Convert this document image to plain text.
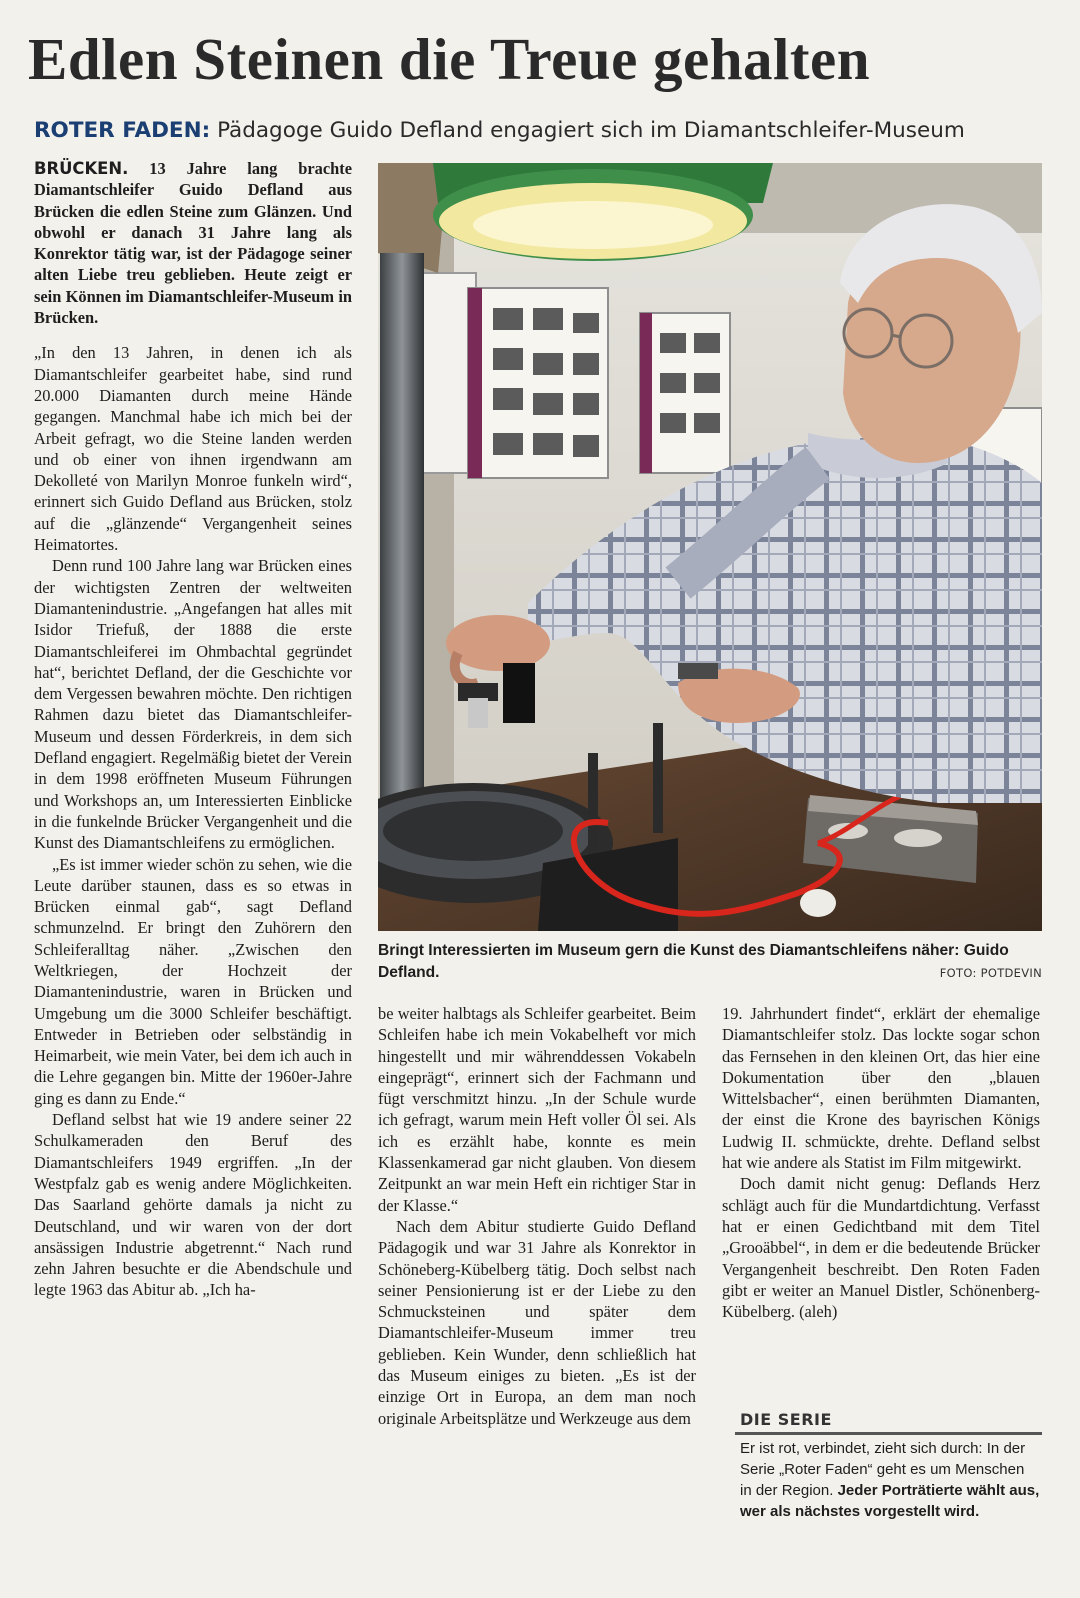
Edlen Steinen die Treue gehalten
ROTER FADEN: Pädagoge Guido Defland engagiert sich im Diamantschleifer-Museum

BRÜCKEN. 13 Jahre lang brachte Diamantschleifer Guido Defland aus Brücken die edlen Steine zum Glänzen. Und obwohl er danach 31 Jahre lang als Konrektor tätig war, ist der Pädagoge seiner alten Liebe treu geblieben. Heute zeigt er sein Können im Diamantschleifer-Museum in Brücken.

„In den 13 Jahren, in denen ich als Diamantschleifer gearbeitet habe, sind rund 20.000 Diamanten durch meine Hände gegangen. Manchmal habe ich mich bei der Arbeit gefragt, wo die Steine landen werden und ob einer von ihnen irgendwann am Dekolleté von Marilyn Monroe funkeln wird“, erinnert sich Guido Defland aus Brücken, stolz auf die „glänzende“ Vergangenheit seines Heimatortes.

Denn rund 100 Jahre lang war Brücken eines der wichtigsten Zentren der weltweiten Diamantenindustrie. „Angefangen hat alles mit Isidor Triefuß, der 1888 die erste Diamantschleiferei im Ohmbachtal gegründet hat“, berichtet Defland, der die Geschichte vor dem Vergessen bewahren möchte. Den richtigen Rahmen dazu bietet das Diamantschleifer-Museum und dessen Förderkreis, in dem sich Defland engagiert. Regelmäßig bietet der Verein in dem 1998 eröffneten Museum Führungen und Workshops an, um Interessierten Einblicke in die funkelnde Brücker Vergangenheit und die Kunst des Diamantschleifens zu ermöglichen.

„Es ist immer wieder schön zu sehen, wie die Leute darüber staunen, dass es so etwas in Brücken einmal gab“, sagt Defland schmunzelnd. Er bringt den Zuhörern den Schleiferalltag näher. „Zwischen den Weltkriegen, der Hochzeit der Diamantenindustrie, waren in Brücken und Umgebung um die 3000 Schleifer beschäftigt. Entweder in Betrieben oder selbständig in Heimarbeit, wie mein Vater, bei dem ich auch in die Lehre gegangen bin. Mitte der 1960er-Jahre ging es dann zu Ende.“

Defland selbst hat wie 19 andere seiner 22 Schulkameraden den Beruf des Diamantschleifers 1949 ergriffen. „In der Westpfalz gab es wenig andere Möglichkeiten. Das Saarland gehörte damals ja nicht zu Deutschland, und wir waren von der dort ansässigen Industrie abgetrennt.“ Nach rund zehn Jahren besuchte er die Abendschule und legte 1963 das Abitur ab. „Ich ha-

Bringt Interessierten im Museum gern die Kunst des Diamantschleifens näher: Guido Defland.	FOTO: POTDEVIN

be weiter halbtags als Schleifer gearbeitet. Beim Schleifen habe ich mein Vokabelheft vor mich hingestellt und mir währenddessen Vokabeln eingeprägt“, erinnert sich der Fachmann und fügt verschmitzt hinzu. „In der Schule wurde ich gefragt, warum mein Heft voller Öl sei. Als ich es erzählt habe, konnte es mein Klassenkamerad gar nicht glauben. Von diesem Zeitpunkt an war mein Heft ein richtiger Star in der Klasse.“

Nach dem Abitur studierte Guido Defland Pädagogik und war 31 Jahre als Konrektor in Schöneberg-Kübelberg tätig. Doch selbst nach seiner Pensionierung ist er der Liebe zu den Schmucksteinen und später dem Diamantschleifer-Museum immer treu geblieben. Kein Wunder, denn schließlich hat das Museum einiges zu bieten. „Es ist der einzige Ort in Europa, an dem man noch originale Arbeitsplätze und Werkzeuge aus dem

19. Jahrhundert findet“, erklärt der ehemalige Diamantschleifer stolz. Das lockte sogar schon das Fernsehen in den kleinen Ort, das hier eine Dokumentation über den „blauen Wittelsbacher“, einen berühmten Diamanten, der einst die Krone des bayrischen Königs Ludwig II. schmückte, drehte. Defland selbst hat wie andere als Statist im Film mitgewirkt.

Doch damit nicht genug: Deflands Herz schlägt auch für die Mundartdichtung. Verfasst hat er einen Gedichtband mit dem Titel „Grooäbbel“, in dem er die bedeutende Brücker Vergangenheit beschreibt. Den Roten Faden gibt er weiter an Manuel Distler, Schönenberg-Kübelberg. (aleh)

DIE SERIE
Er ist rot, verbindet, zieht sich durch: In der Serie „Roter Faden“ geht es um Menschen in der Region. Jeder Porträtierte wählt aus, wer als nächstes vorgestellt wird.
